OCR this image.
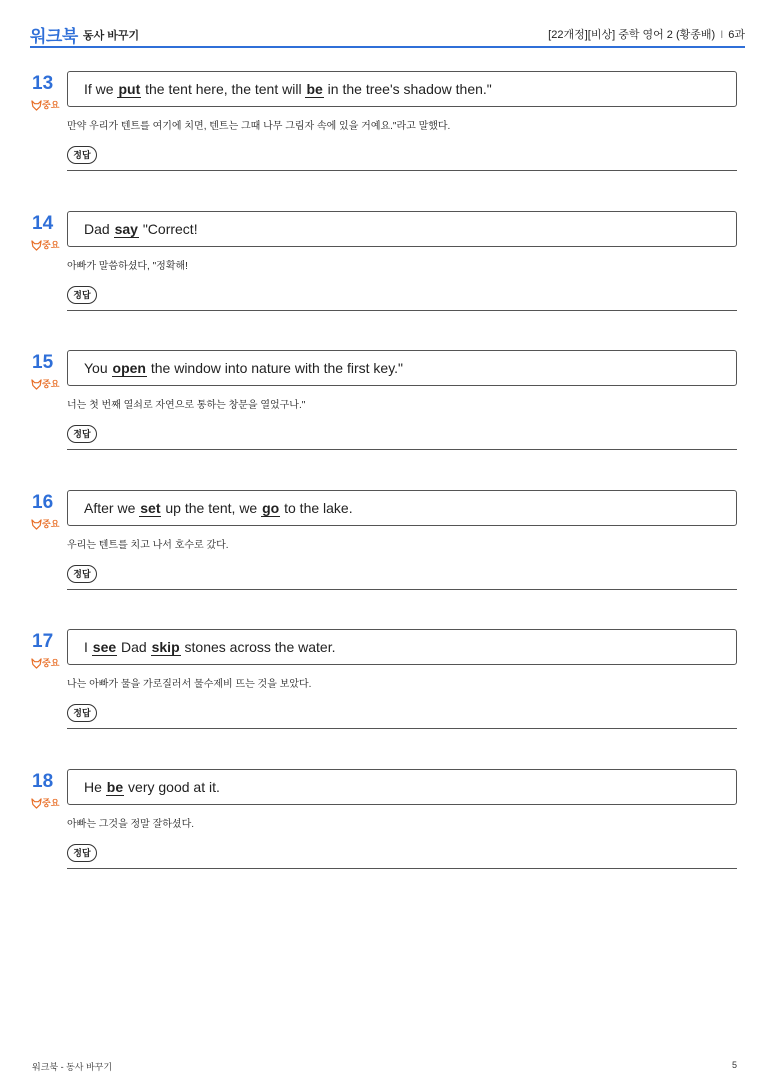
워크북 동사 바꾸기	[22개정][비상] 중학 영어 2 (황종배) I 6과
13
중요
If we put the tent here, the tent will be in the tree's shadow then."
만약 우리가 텐트를 여기에 치면, 텐트는 그때 나무 그림자 속에 있을 거예요."라고 말했다.
정답
14
중요
Dad say "Correct!
아빠가 말씀하셨다, "정확해!
정답
15
중요
You open the window into nature with the first key."
너는 첫 번째 열쇠로 자연으로 통하는 창문을 열었구나."
정답
16
중요
After we set up the tent, we go to the lake.
우리는 텐트를 치고 나서 호수로 갔다.
정답
17
중요
I see Dad skip stones across the water.
나는 아빠가 물을 가로질러서 물수제비 뜨는 것을 보았다.
정답
18
중요
He be very good at it.
아빠는 그것을 정말 잘하셨다.
정답
워크북 - 동사 바꾸기	5
